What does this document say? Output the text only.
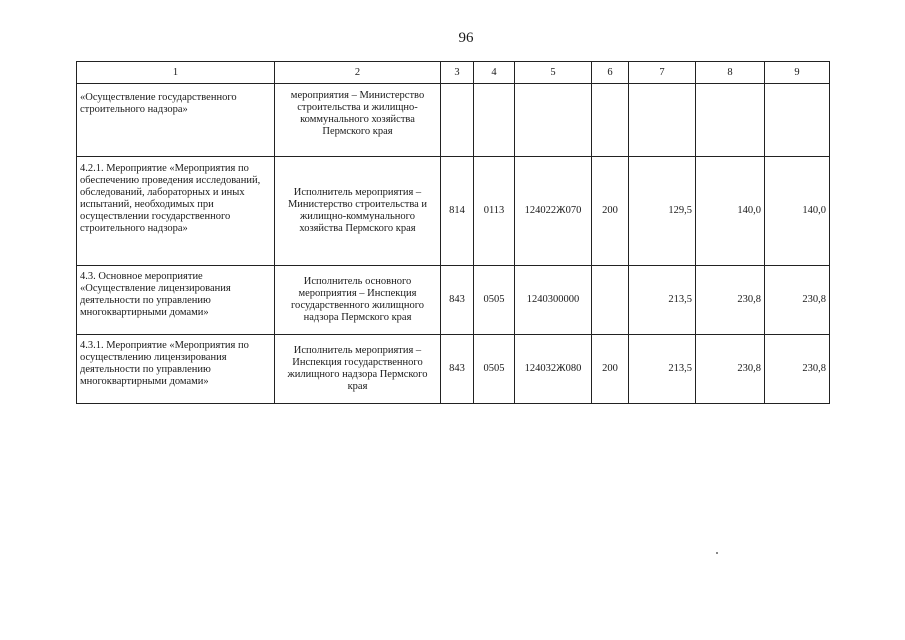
96
1	2	3	4	5	6	7	8	9
«Осуществление государственного строительного надзора»	мероприятия – Министерство строительства и жилищно-коммунального хозяйства Пермского края							
4.2.1. Мероприятие «Мероприятия по обеспечению проведения исследований, обследований, лабораторных и иных испытаний, необходимых при осуществлении государственного строительного надзора»	Исполнитель мероприятия – Министерство строительства и жилищно-коммунального хозяйства Пермского края	814	0113	124022Ж070	200	129,5	140,0	140,0
4.3. Основное мероприятие «Осуществление лицензирования деятельности по управлению многоквартирными домами»	Исполнитель основного мероприятия – Инспекция государственного жилищного надзора Пермского края	843	0505	1240300000		213,5	230,8	230,8
4.3.1. Мероприятие «Мероприятия по осуществлению лицензирования деятельности по управлению многоквартирными домами»	Исполнитель мероприятия – Инспекция государственного жилищного надзора Пермского края	843	0505	124032Ж080	200	213,5	230,8	230,8
